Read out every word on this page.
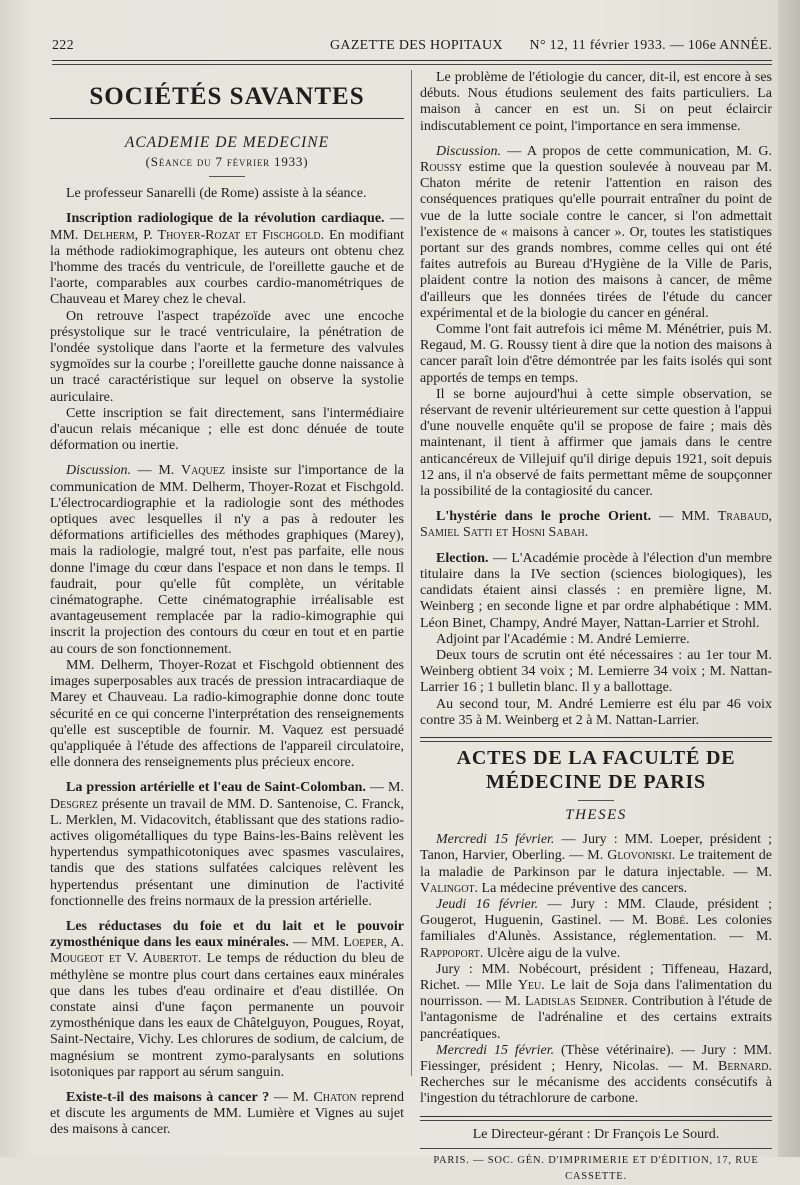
222	GAZETTE DES HOPITAUX N° 12, 11 février 1933. — 106e ANNÉE.
SOCIÉTÉS SAVANTES
ACADEMIE DE MEDECINE
(Séance du 7 février 1933)

Le professeur Sanarelli (de Rome) assiste à la séance.

Inscription radiologique de la révolution cardiaque. — MM. Delherm, P. Thoyer-Rozat et Fischgold. En modifiant la méthode radiokimographique, les auteurs ont obtenu chez l'homme des tracés du ventricule, de l'oreillette gauche et de l'aorte, comparables aux courbes cardio-manométriques de Chauveau et Marey chez le cheval.

On retrouve l'aspect trapézoïde avec une encoche présystolique sur le tracé ventriculaire, la pénétration de l'ondée systolique dans l'aorte et la fermeture des valvules sygmoïdes sur la courbe ; l'oreillette gauche donne naissance à un tracé caractéristique sur lequel on observe la systolie auriculaire.

Cette inscription se fait directement, sans l'intermédiaire d'aucun relais mécanique ; elle est donc dénuée de toute déformation ou inertie.

Discussion. — M. Vaquez insiste sur l'importance de la communication de MM. Delherm, Thoyer-Rozat et Fischgold. L'électrocardiographie et la radiologie sont des méthodes optiques avec lesquelles il n'y a pas à redouter les déformations artificielles des méthodes graphiques (Marey), mais la radiologie, malgré tout, n'est pas parfaite, elle nous donne l'image du cœur dans l'espace et non dans le temps. Il faudrait, pour qu'elle fût complète, un véritable cinématographe. Cette cinématographie irréalisable est avantageusement remplacée par la radio-kimographie qui inscrit la projection des contours du cœur en tout et en partie au cours de son fonctionnement.

MM. Delherm, Thoyer-Rozat et Fischgold obtiennent des images superposables aux tracés de pression intracardiaque de Marey et Chauveau. La radio-kimographie donne donc toute sécurité en ce qui concerne l'interprétation des renseignements qu'elle est susceptible de fournir. M. Vaquez est persuadé qu'appliquée à l'étude des affections de l'appareil circulatoire, elle donnera des renseignements plus précieux encore.

La pression artérielle et l'eau de Saint-Colomban. — M. Desgrez présente un travail de MM. D. Santenoise, C. Franck, L. Merklen, M. Vidacovitch, établissant que des stations radio-actives oligométalliques du type Bains-les-Bains relèvent les hypertendus sympathicotoniques avec spasmes vasculaires, tandis que des stations sulfatées calciques relèvent les hypertendus présentant une diminution de l'activité fonctionnelle des freins normaux de la pression artérielle.

Les réductases du foie et du lait et le pouvoir zymosthénique dans les eaux minérales. — MM. Loeper, A. Mougeot et V. Aubertot. Le temps de réduction du bleu de méthylène se montre plus court dans certaines eaux minérales que dans les tubes d'eau ordinaire et d'eau distillée. On constate ainsi d'une façon permanente un pouvoir zymosthénique dans les eaux de Châtelguyon, Pougues, Royat, Saint-Nectaire, Vichy. Les chlorures de sodium, de calcium, de magnésium se montrent zymo-paralysants en solutions isotoniques par rapport au sérum sanguin.

Existe-t-il des maisons à cancer ? — M. Chaton reprend et discute les arguments de MM. Lumière et Vignes au sujet des maisons à cancer.

Le problème de l'étiologie du cancer, dit-il, est encore à ses débuts. Nous étudions seulement des faits particuliers. La maison à cancer en est un. Si on peut éclaircir indiscutablement ce point, l'importance en sera immense.

Discussion. — A propos de cette communication, M. G. Roussy estime que la question soulevée à nouveau par M. Chaton mérite de retenir l'attention en raison des conséquences pratiques qu'elle pourrait entraîner du point de vue de la lutte sociale contre le cancer, si l'on admettait l'existence de « maisons à cancer ». Or, toutes les statistiques portant sur des grands nombres, comme celles qui ont été faites autrefois au Bureau d'Hygiène de la Ville de Paris, plaident contre la notion des maisons à cancer, de même d'ailleurs que les données tirées de l'étude du cancer expérimental et de la biologie du cancer en général.

Comme l'ont fait autrefois ici même M. Ménétrier, puis M. Regaud, M. G. Roussy tient à dire que la notion des maisons à cancer paraît loin d'être démontrée par les faits isolés qui sont apportés de temps en temps.

Il se borne aujourd'hui à cette simple observation, se réservant de revenir ultérieurement sur cette question à l'appui d'une nouvelle enquête qu'il se propose de faire ; mais dès maintenant, il tient à affirmer que jamais dans le centre anticancéreux de Villejuif qu'il dirige depuis 1921, soit depuis 12 ans, il n'a observé de faits permettant même de soupçonner la possibilité de la contagiosité du cancer.

L'hystérie dans le proche Orient. — MM. Trabaud, Samiel Satti et Hosni Sabah.

Election. — L'Académie procède à l'élection d'un membre titulaire dans la IVe section (sciences biologiques), les candidats étaient ainsi classés : en première ligne, M. Weinberg ; en seconde ligne et par ordre alphabétique : MM. Léon Binet, Champy, André Mayer, Nattan-Larrier et Strohl.

Adjoint par l'Académie : M. André Lemierre.

Deux tours de scrutin ont été nécessaires : au 1er tour M. Weinberg obtient 34 voix ; M. Lemierre 34 voix ; M. Nattan-Larrier 16 ; 1 bulletin blanc. Il y a ballottage.

Au second tour, M. André Lemierre est élu par 46 voix contre 35 à M. Weinberg et 2 à M. Nattan-Larrier.

ACTES DE LA FACULTÉ DE MÉDECINE DE PARIS
THESES

Mercredi 15 février. — Jury : MM. Loeper, président ; Tanon, Harvier, Oberling. — M. Glovoniski. Le traitement de la maladie de Parkinson par le datura injectable. — M. Valingot. La médecine préventive des cancers.

Jeudi 16 février. — Jury : MM. Claude, président ; Gougerot, Huguenin, Gastinel. — M. Bobé. Les colonies familiales d'Alunès. Assistance, réglementation. — M. Rappoport. Ulcère aigu de la vulve.

Jury : MM. Nobécourt, président ; Tiffeneau, Hazard, Richet. — Mlle Yeu. Le lait de Soja dans l'alimentation du nourrisson. — M. Ladislas Seidner. Contribution à l'étude de l'antagonisme de l'adrénaline et des certains extraits pancréatiques.

Mercredi 15 février. (Thèse vétérinaire). — Jury : MM. Fiessinger, président ; Henry, Nicolas. — M. Bernard. Recherches sur le mécanisme des accidents consécutifs à l'ingestion du tétrachlorure de carbone.

Le Directeur-gérant : Dr François Le Sourd.
PARIS. — SOC. GÉN. D'IMPRIMERIE ET D'ÉDITION, 17, RUE CASSETTE.
